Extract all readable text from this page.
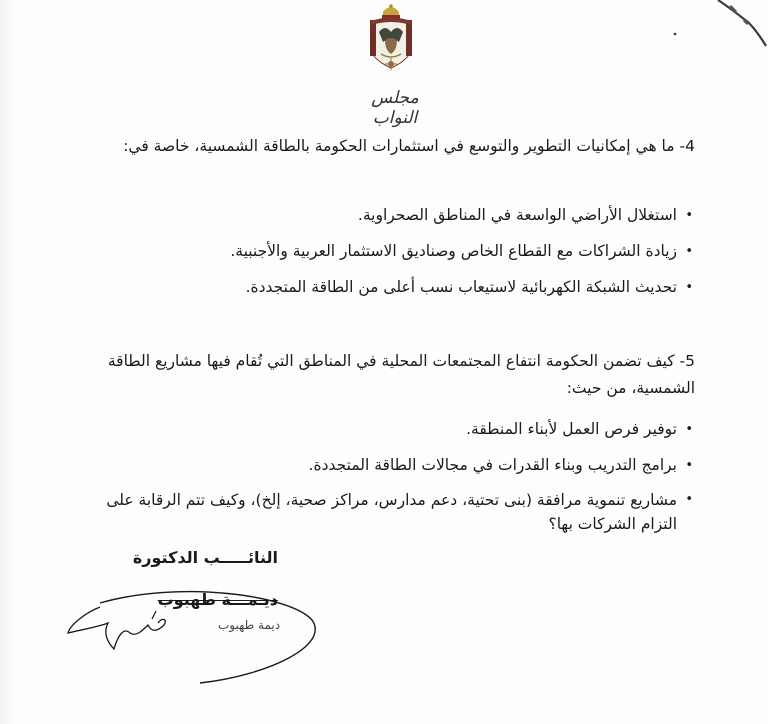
مجلس النواب

4- ما هي إمكانيات التطوير والتوسع في استثمارات الحكومة بالطاقة الشمسية، خاصة في:

•
استغلال الأراضي الواسعة في المناطق الصحراوية.
•
زيادة الشراكات مع القطاع الخاص وصناديق الاستثمار العربية والأجنبية.
•
تحديث الشبكة الكهربائية لاستيعاب نسب أعلى من الطاقة المتجددة.

5- كيف تضمن الحكومة انتفاع المجتمعات المحلية في المناطق التي تُقام فيها مشاريع الطاقة الشمسية، من حيث:

•
توفير فرص العمل لأبناء المنطقة.
•
برامج التدريب وبناء القدرات في مجالات الطاقة المتجددة.
•
مشاريع تنموية مرافقة (بنى تحتية، دعم مدارس، مراكز صحية، إلخ)، وكيف تتم الرقابة على التزام الشركات بها؟
النائـــــب الدكتورة
ديـمـــة طهبوب
ديمة طهبوب
